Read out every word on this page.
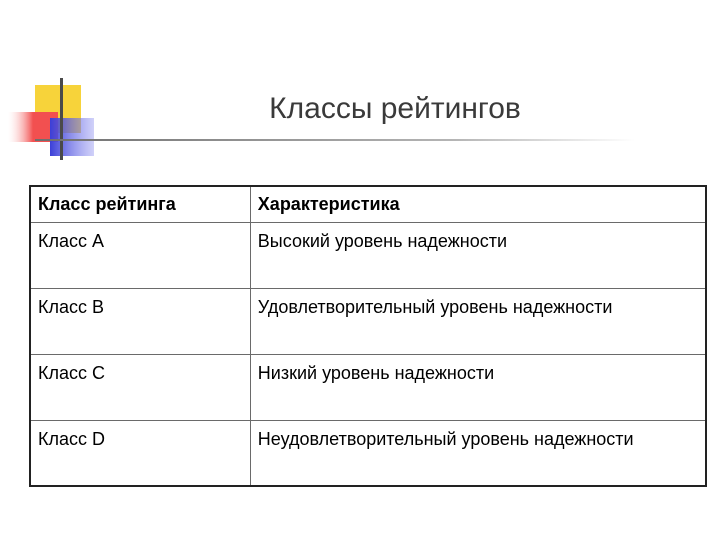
Классы рейтингов
Класс рейтинга	Характеристика
Класс A	Высокий уровень надежности
Класс B	Удовлетворительный уровень надежности
Класс C	Низкий уровень надежности
Класс D	Неудовлетворительный уровень надежности
